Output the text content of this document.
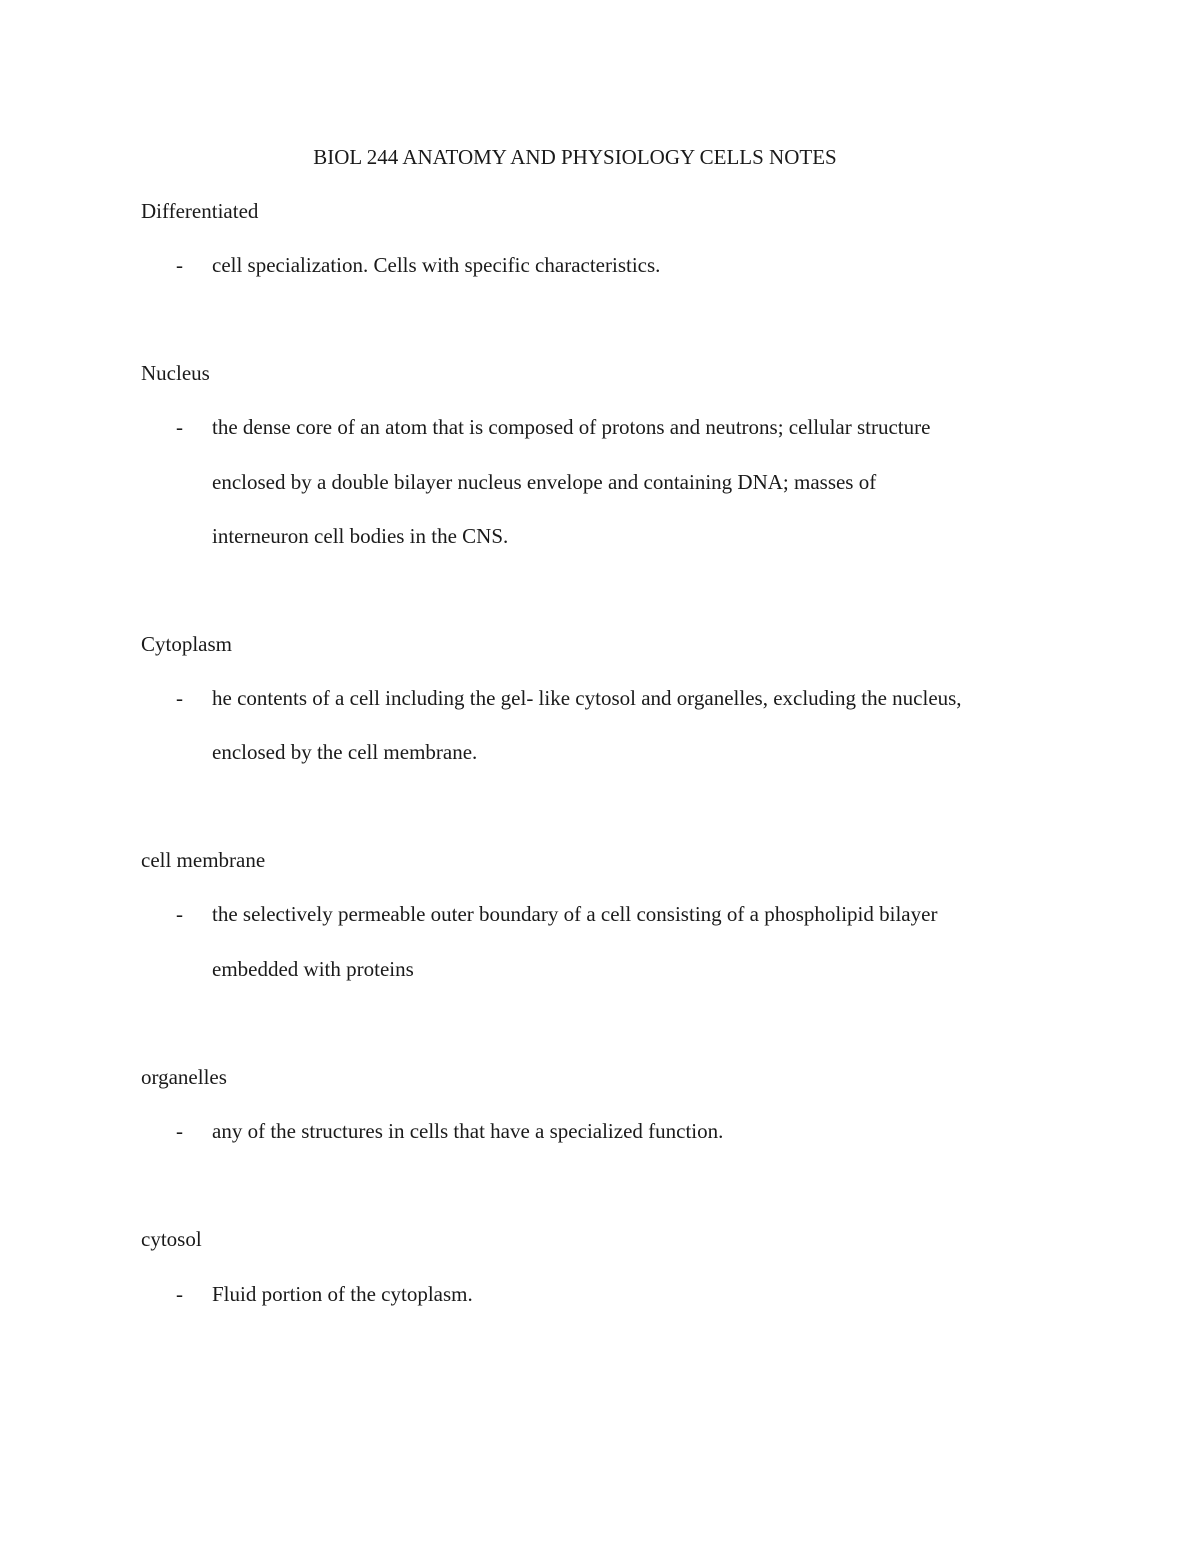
BIOL 244 ANATOMY AND PHYSIOLOGY CELLS NOTES
Differentiated
- cell specialization. Cells with specific characteristics.
Nucleus
- the dense core of an atom that is composed of protons and neutrons; cellular structure
enclosed by a double bilayer nucleus envelope and containing DNA; masses of
interneuron cell bodies in the CNS.
Cytoplasm
- he contents of a cell including the gel- like cytosol and organelles, excluding the nucleus,
enclosed by the cell membrane.
cell membrane
- the selectively permeable outer boundary of a cell consisting of a phospholipid bilayer
embedded with proteins
organelles
- any of the structures in cells that have a specialized function.
cytosol
- Fluid portion of the cytoplasm.
